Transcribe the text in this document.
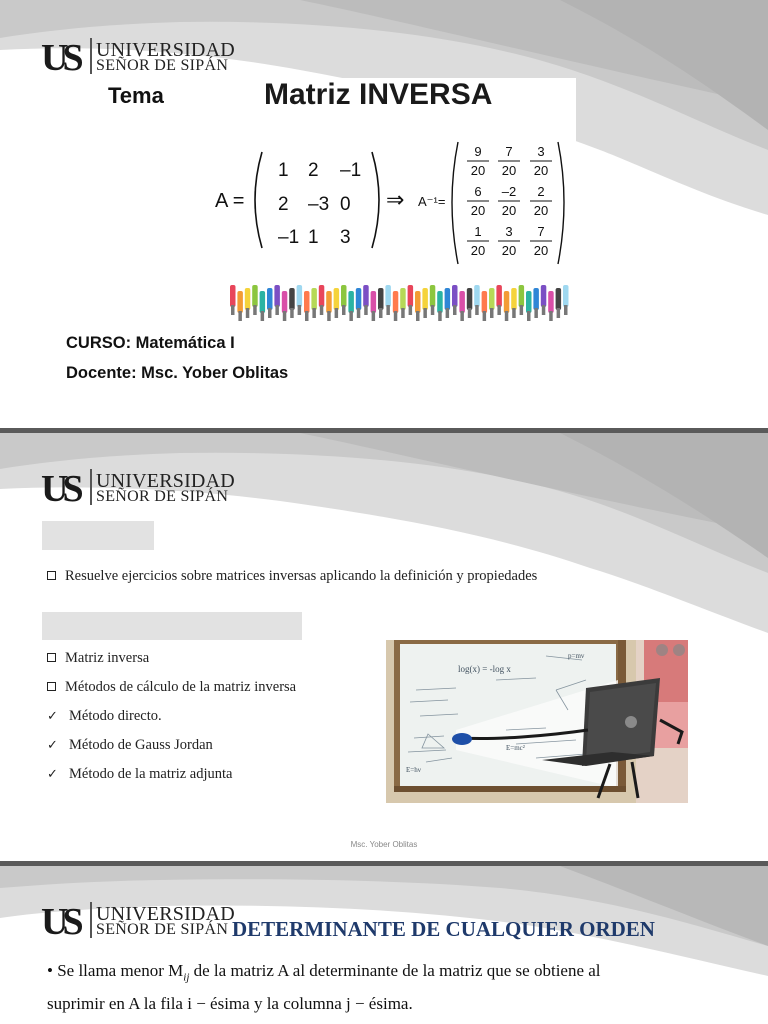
US UNIVERSIDAD
SEÑOR DE SIPÁN
Tema	Matriz INVERSA
A =
1 2 –1
2 –3 0
–1 1 3
⇒ A⁻¹=
9
20
7
20
3
20
6
20
–2
20
2
20
1
20
3
20
7
20
CURSO: Matemática I
Docente: Msc. Yober Oblitas
US UNIVERSIDAD
SEÑOR DE SIPÁN
Resuelve ejercicios sobre matrices inversas aplicando la definición y propiedades
Matriz inversa
Métodos de cálculo de la matriz inversa
✓ Método directo.
✓ Método de Gauss Jordan
✓ Método de la matriz adjunta
log(x) = -log x
p=mv
E=mc²
E=hν
Msc. Yober Oblitas
US UNIVERSIDAD
SEÑOR DE SIPÁN DETERMINANTE DE CUALQUIER ORDEN
• Se llama menor $M_{ij}$ de la matriz A al determinante de la matriz que se obtiene al
suprimir en A la fila i − ésima y la columna j − ésima.
